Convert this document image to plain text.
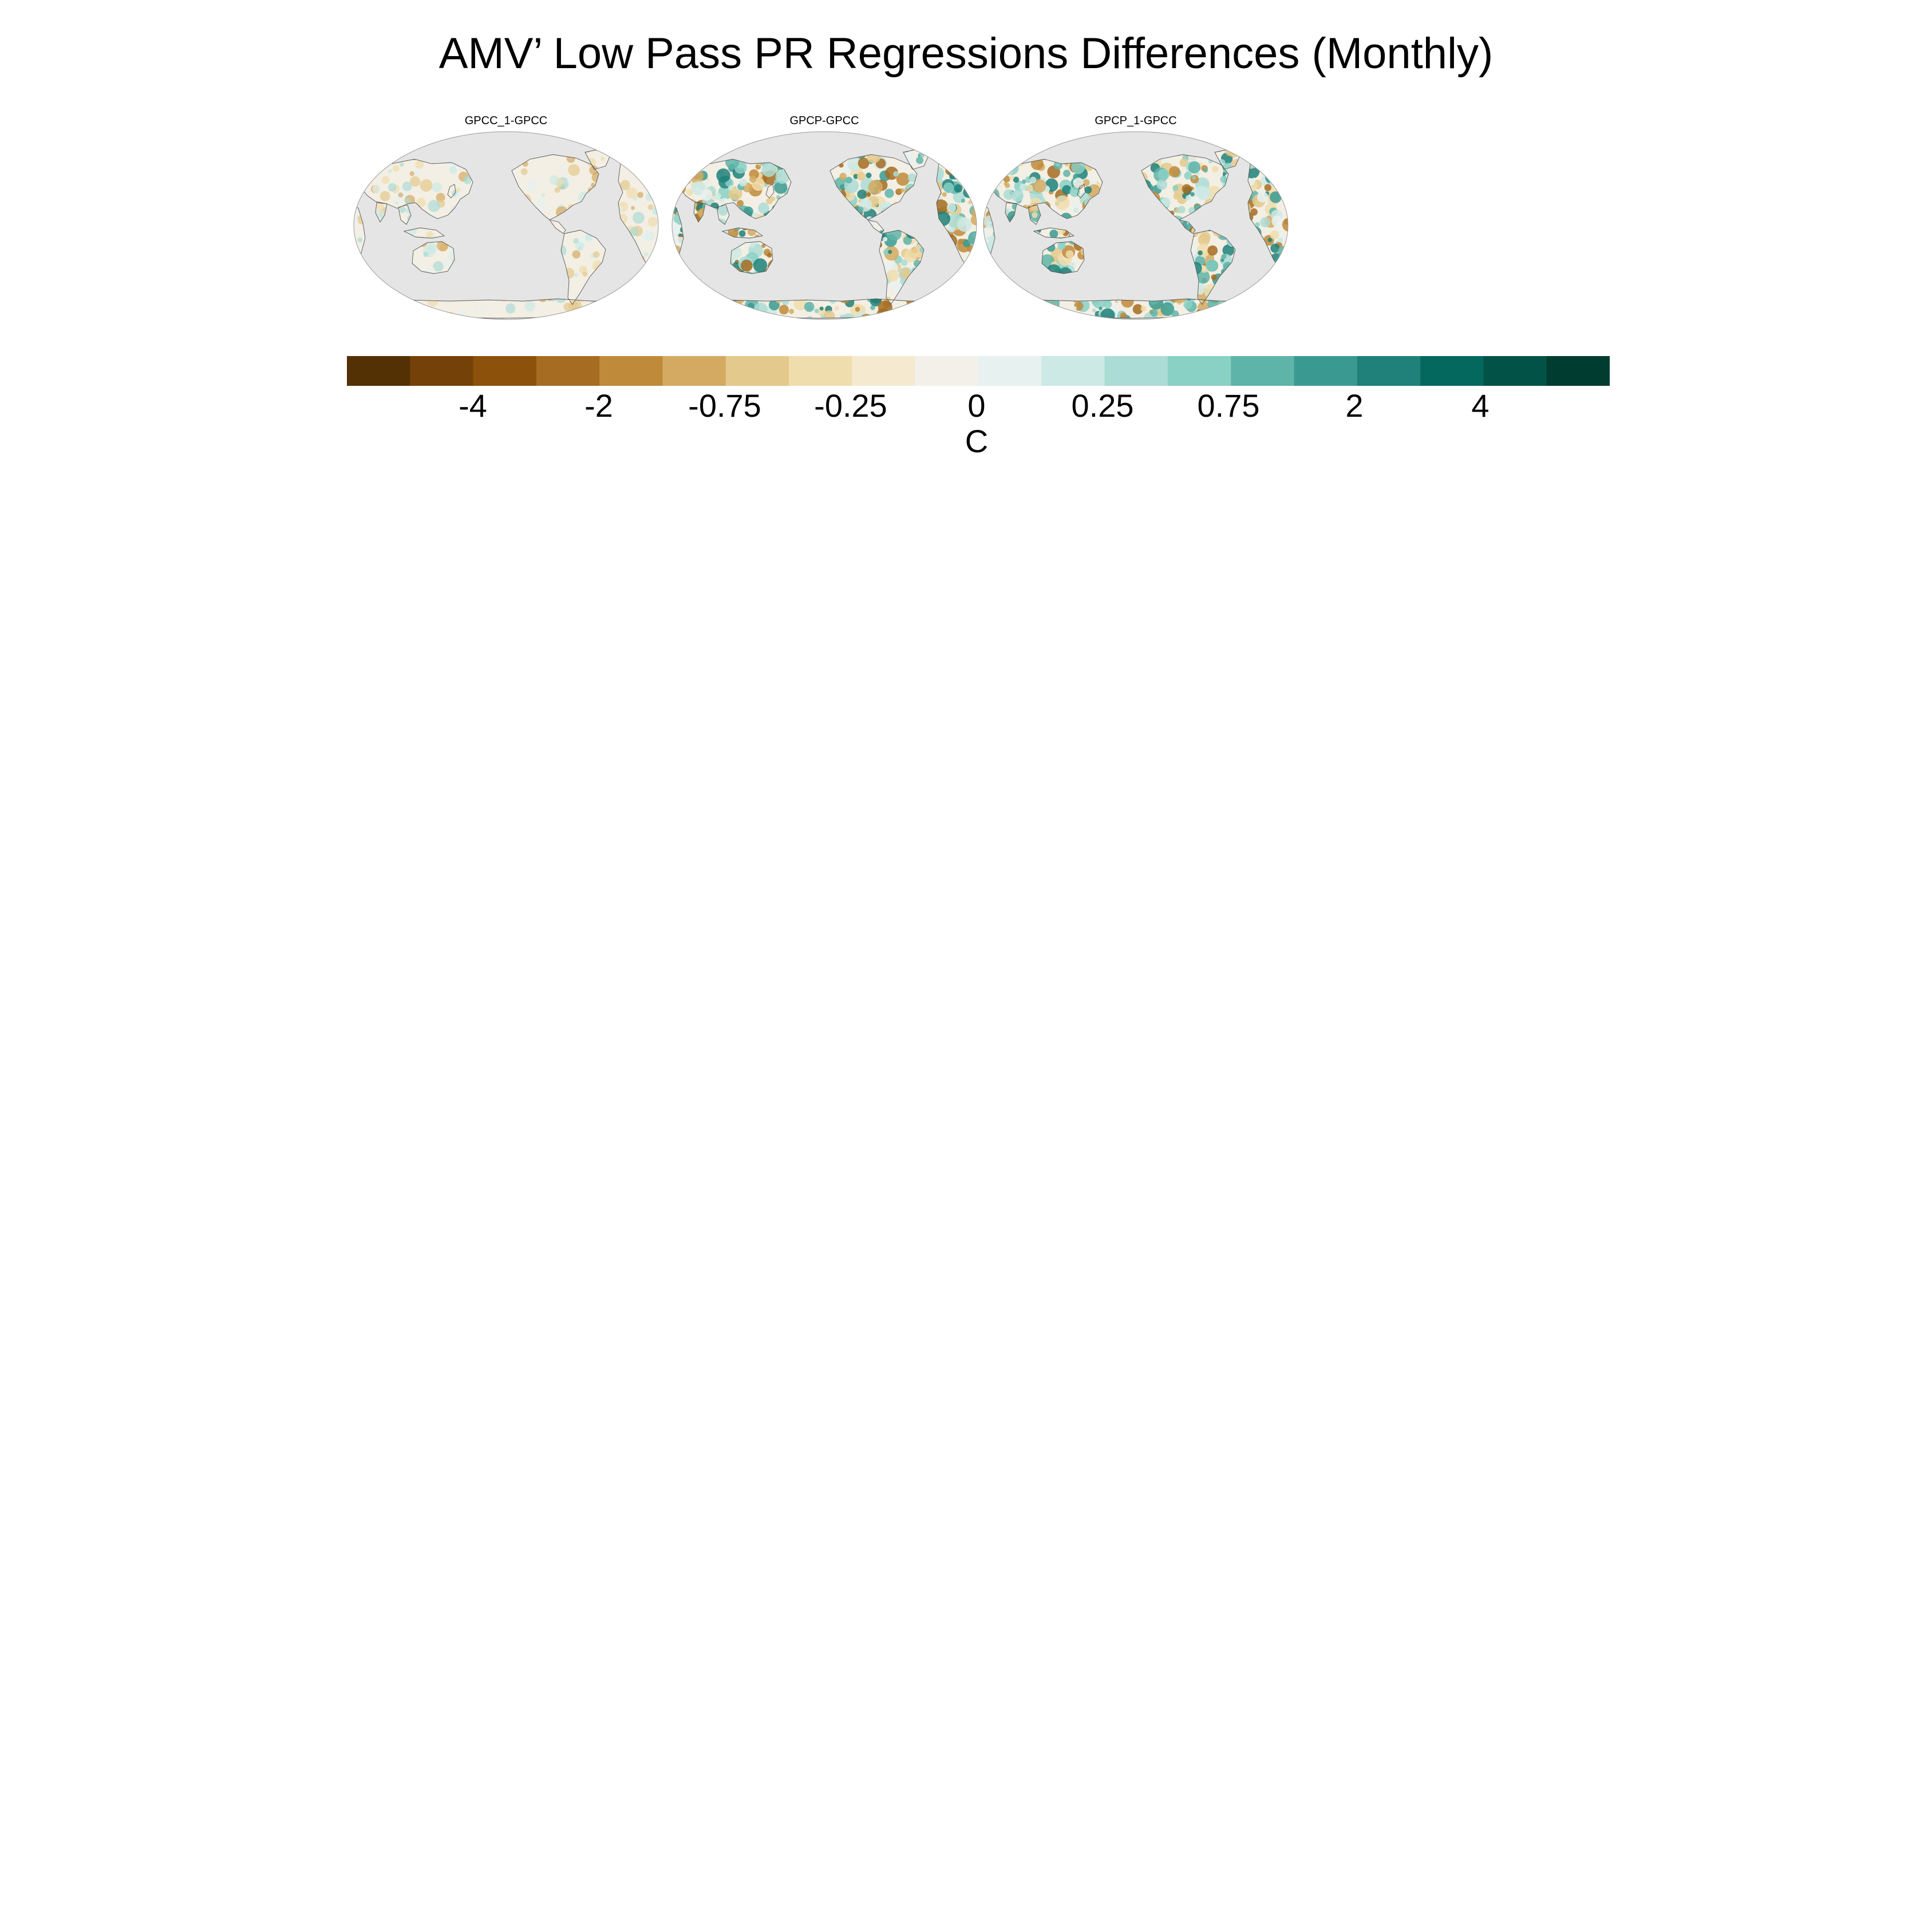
AMV’ Low Pass PR Regressions Differences (Monthly)
GPCC_1-GPCC	GPCP-GPCC	GPCP_1-GPCC
-4	-2 -0.75 -0.25	0	0.25 0.75	2	4
C
